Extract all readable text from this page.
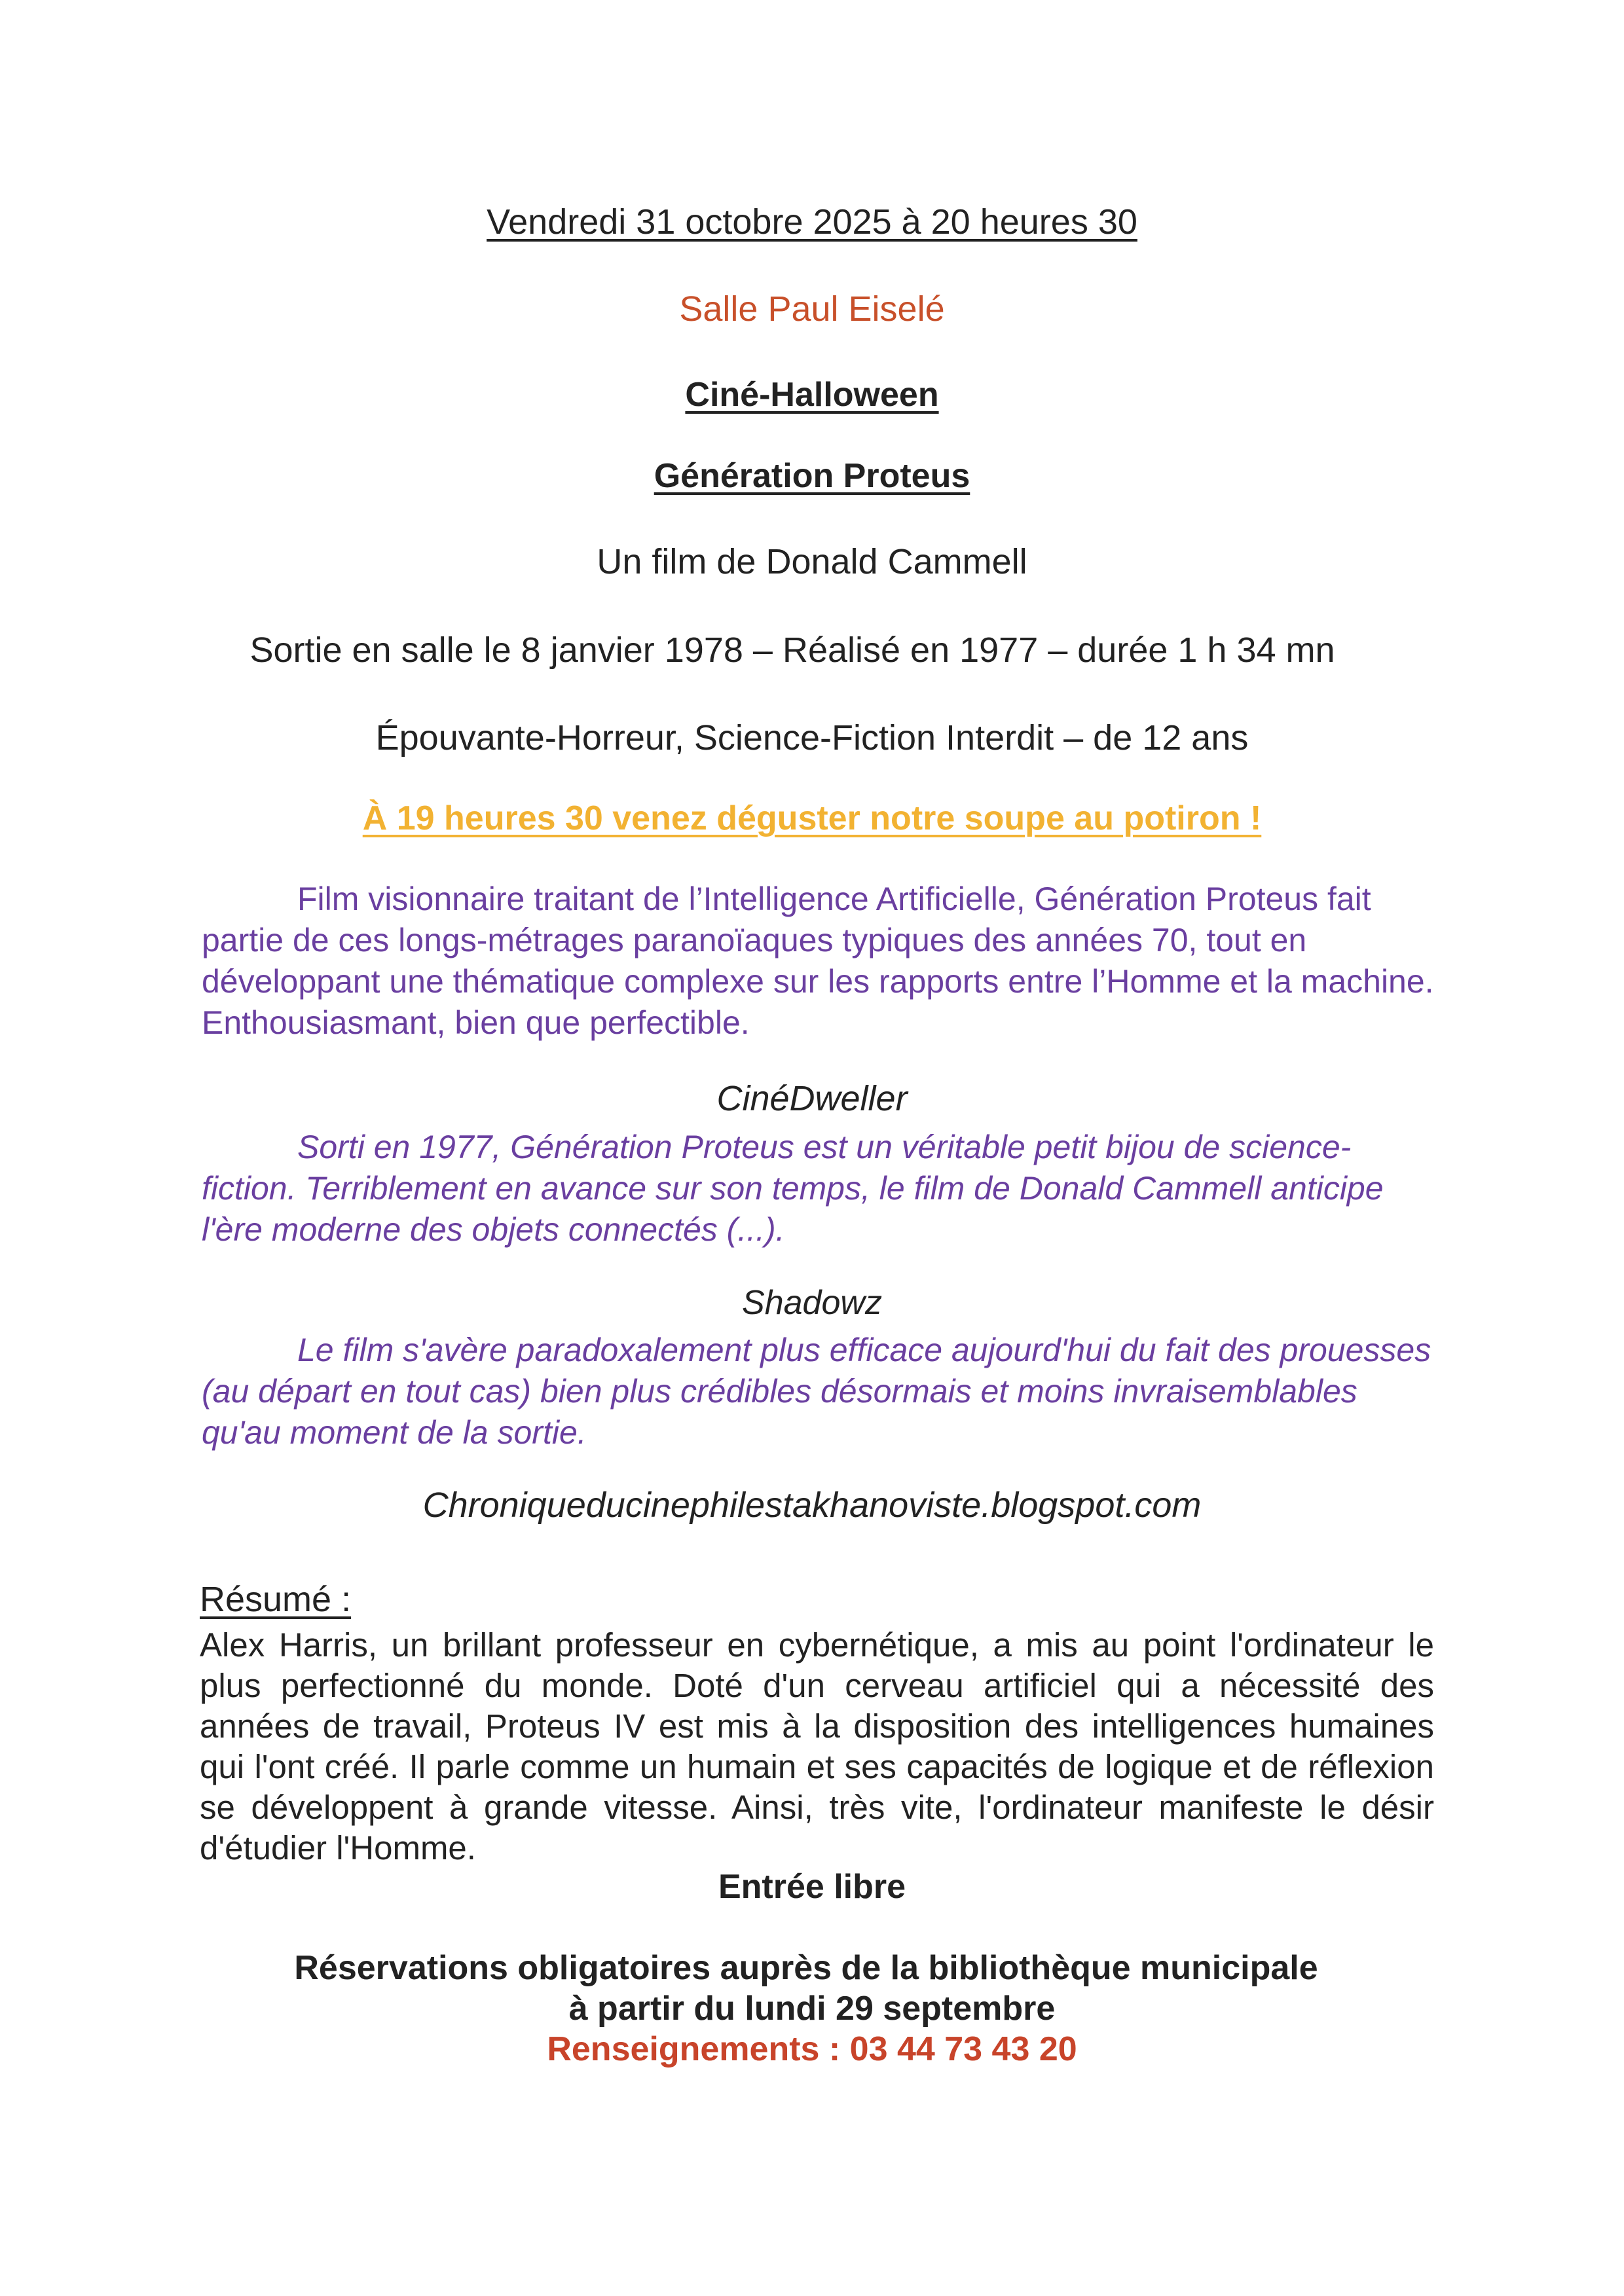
Vendredi 31 octobre 2025 à 20 heures 30

Salle Paul Eiselé

Ciné-Halloween

Génération Proteus

Un film de Donald Cammell

Sortie en salle le 8 janvier 1978 – Réalisé en 1977 – durée 1 h 34 mn

Épouvante-Horreur, Science-Fiction Interdit – de 12 ans

À 19 heures 30 venez déguster notre soupe au potiron !

Film visionnaire traitant de l’Intelligence Artificielle, Génération Proteus fait partie de ces longs-métrages paranoïaques typiques des années 70, tout en développant une thématique complexe sur les rapports entre l’Homme et la machine. Enthousiasmant, bien que perfectible.

CinéDweller

Sorti en 1977, Génération Proteus est un véritable petit bijou de science-fiction. Terriblement en avance sur son temps, le film de Donald Cammell anticipe l'ère moderne des objets connectés (...).

Shadowz

Le film s'avère paradoxalement plus efficace aujourd'hui du fait des prouesses (au départ en tout cas) bien plus crédibles désormais et moins invraisemblables qu'au moment de la sortie.

Chroniqueducinephilestakhanoviste.blogspot.com

Résumé :

Alex Harris, un brillant professeur en cybernétique, a mis au point l'ordinateur le plus perfectionné du monde. Doté d'un cerveau artificiel qui a nécessité des années de travail, Proteus IV est mis à la disposition des intelligences humaines qui l'ont créé. Il parle comme un humain et ses capacités de logique et de réflexion se développent à grande vitesse. Ainsi, très vite, l'ordinateur manifeste le désir d'étudier l'Homme.

Entrée libre

Réservations obligatoires auprès de la bibliothèque municipale

à partir du lundi 29 septembre

Renseignements : 03 44 73 43 20
